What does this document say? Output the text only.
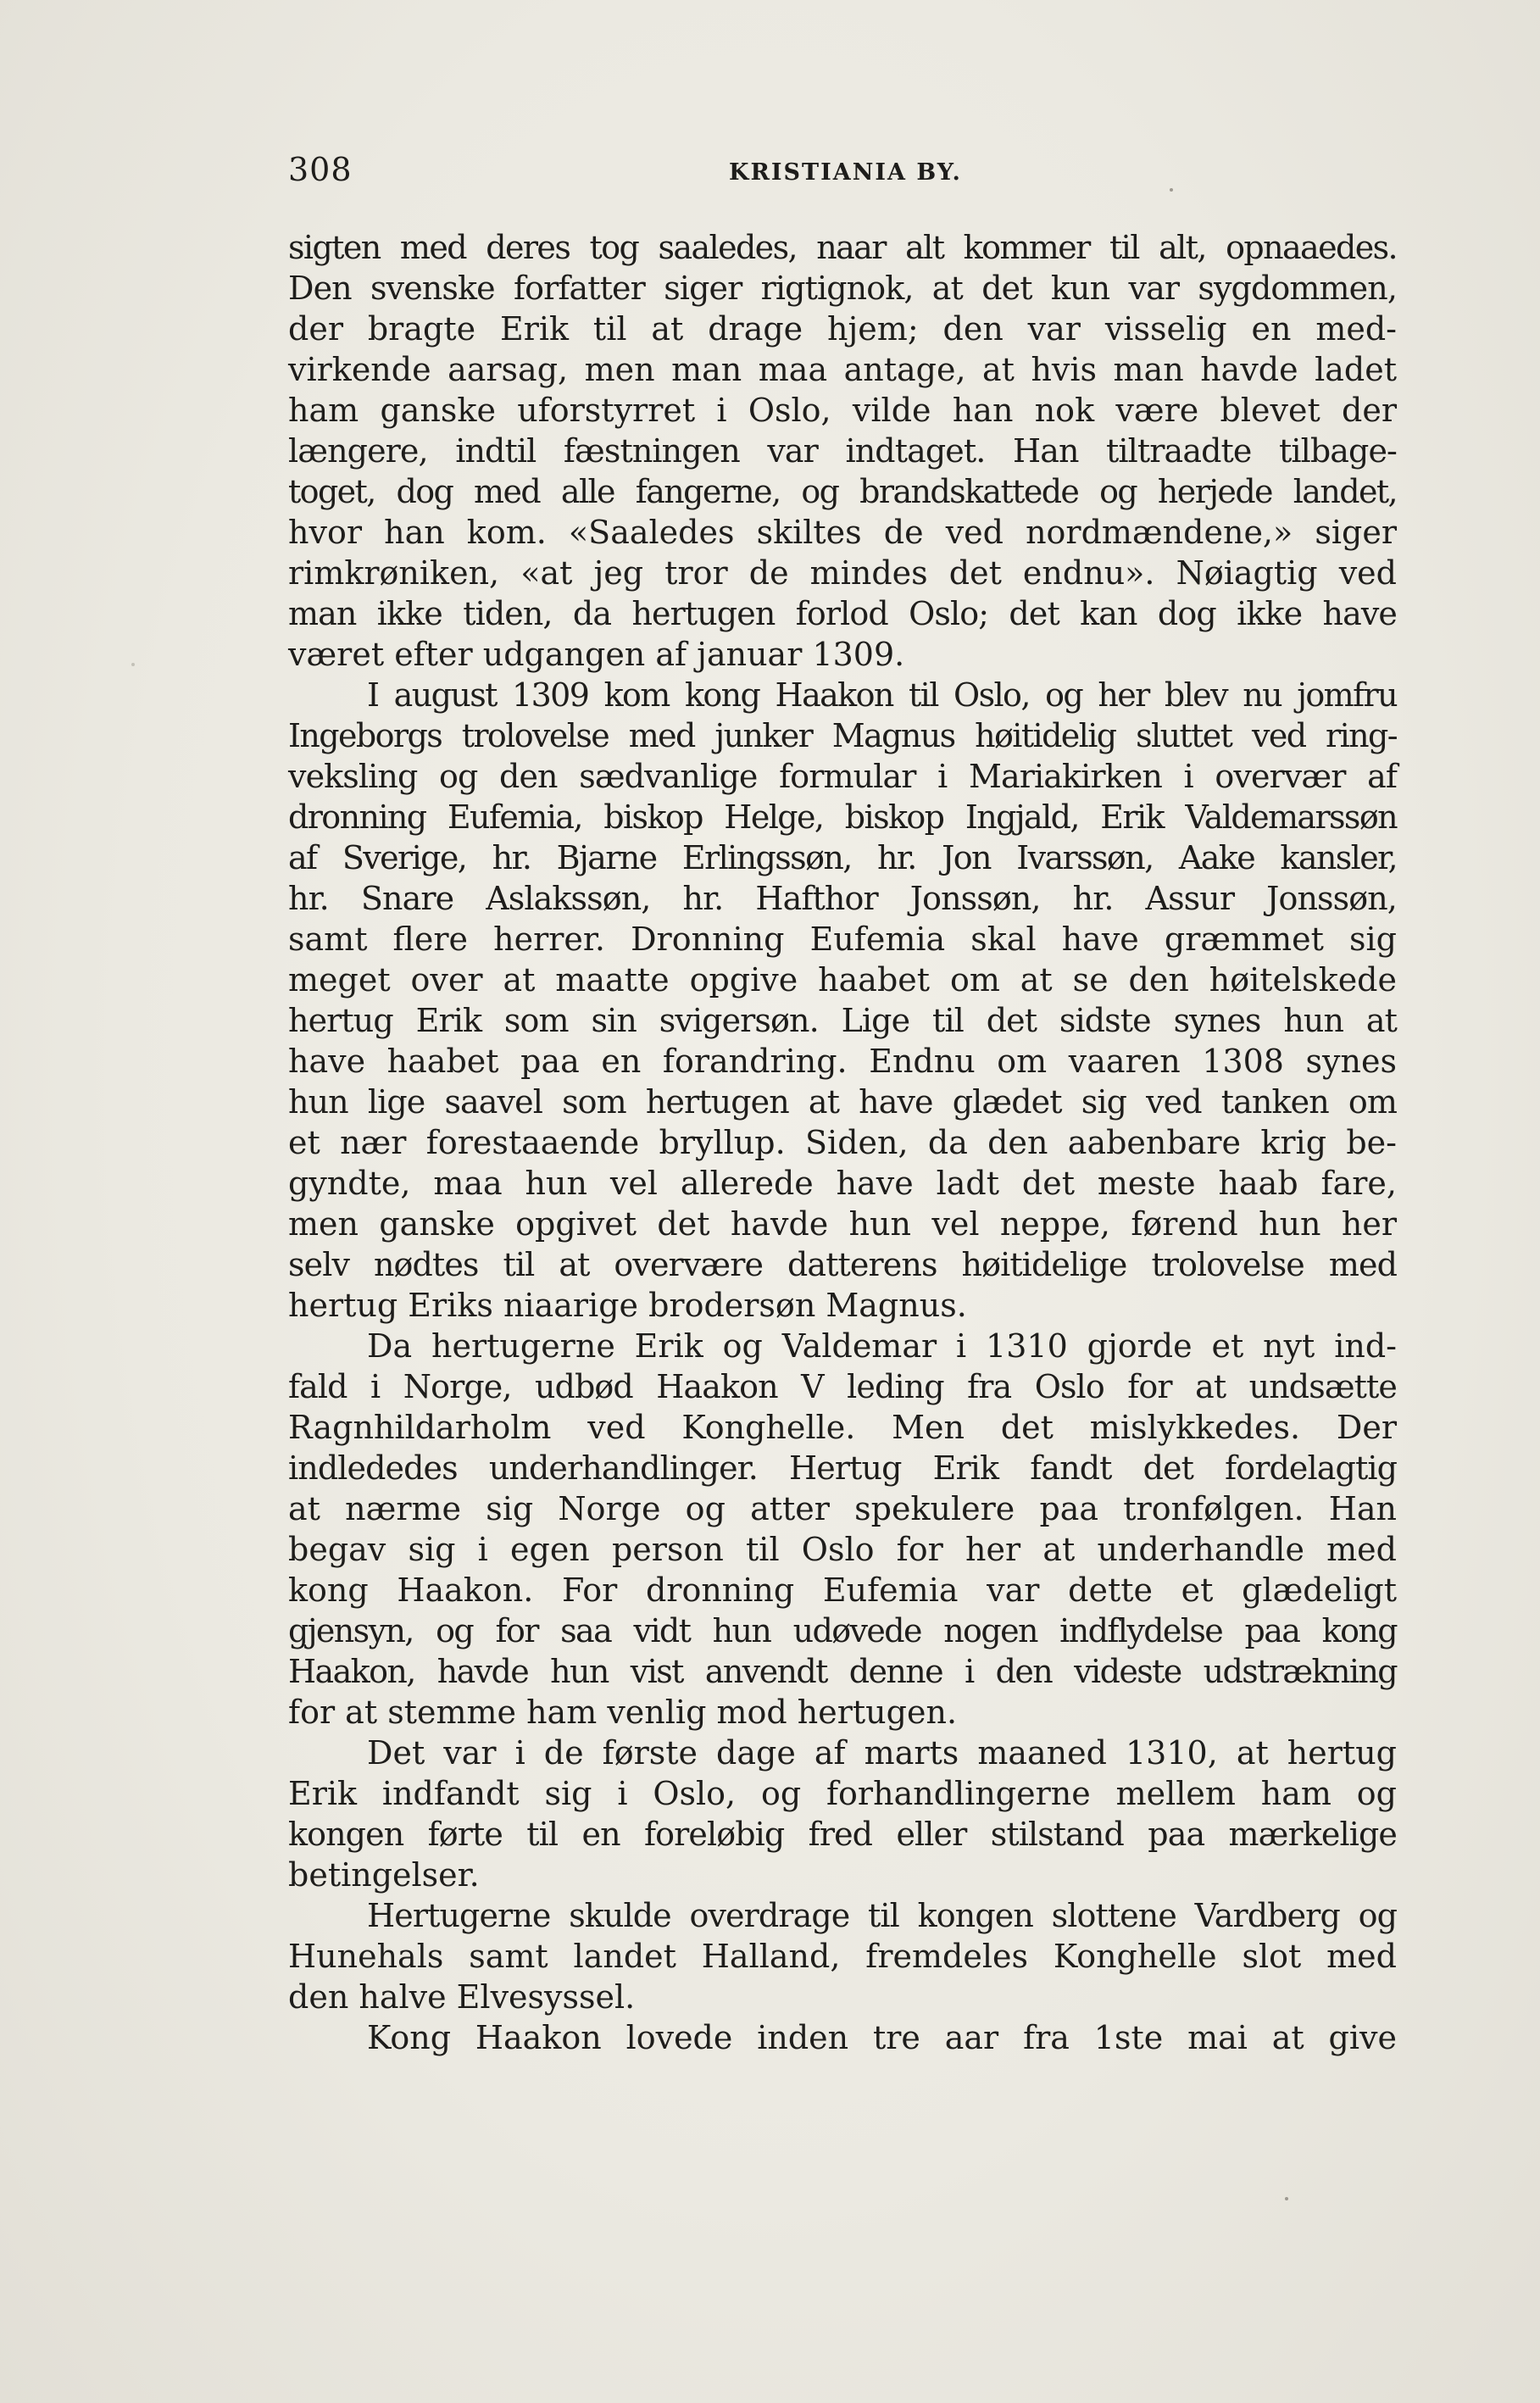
308	KRISTIANIA BY.
sigten med deres tog saaledes, naar alt kommer til alt, opnaaedes.
Den svenske forfatter siger rigtignok, at det kun var sygdommen,
der bragte Erik til at drage hjem; den var visselig en med-
virkende aarsag, men man maa antage, at hvis man havde ladet
ham ganske uforstyrret i Oslo, vilde han nok være blevet der
længere, indtil fæstningen var indtaget. Han tiltraadte tilbage-
toget, dog med alle fangerne, og brandskattede og herjede landet,
hvor han kom. «Saaledes skiltes de ved nordmændene,» siger
rimkrøniken, «at jeg tror de mindes det endnu». Nøiagtig ved
man ikke tiden, da hertugen forlod Oslo; det kan dog ikke have
været efter udgangen af januar 1309.
I august 1309 kom kong Haakon til Oslo, og her blev nu jomfru
Ingeborgs trolovelse med junker Magnus høitidelig sluttet ved ring-
veksling og den sædvanlige formular i Mariakirken i overvær af
dronning Eufemia, biskop Helge, biskop Ingjald, Erik Valdemarssøn
af Sverige, hr. Bjarne Erlingssøn, hr. Jon Ivarssøn, Aake kansler,
hr. Snare Aslakssøn, hr. Hafthor Jonssøn, hr. Assur Jonssøn,
samt flere herrer. Dronning Eufemia skal have græmmet sig
meget over at maatte opgive haabet om at se den høitelskede
hertug Erik som sin svigersøn. Lige til det sidste synes hun at
have haabet paa en forandring. Endnu om vaaren 1308 synes
hun lige saavel som hertugen at have glædet sig ved tanken om
et nær forestaaende bryllup. Siden, da den aabenbare krig be-
gyndte, maa hun vel allerede have ladt det meste haab fare,
men ganske opgivet det havde hun vel neppe, førend hun her
selv nødtes til at overvære datterens høitidelige trolovelse med
hertug Eriks niaarige brodersøn Magnus.
Da hertugerne Erik og Valdemar i 1310 gjorde et nyt ind-
fald i Norge, udbød Haakon V leding fra Oslo for at undsætte
Ragnhildarholm ved Konghelle. Men det mislykkedes. Der
indlededes underhandlinger. Hertug Erik fandt det fordelagtig
at nærme sig Norge og atter spekulere paa tronfølgen. Han
begav sig i egen person til Oslo for her at underhandle med
kong Haakon. For dronning Eufemia var dette et glædeligt
gjensyn, og for saa vidt hun udøvede nogen indflydelse paa kong
Haakon, havde hun vist anvendt denne i den videste udstrækning
for at stemme ham venlig mod hertugen.
Det var i de første dage af marts maaned 1310, at hertug
Erik indfandt sig i Oslo, og forhandlingerne mellem ham og
kongen førte til en foreløbig fred eller stilstand paa mærkelige
betingelser.
Hertugerne skulde overdrage til kongen slottene Vardberg og
Hunehals samt landet Halland, fremdeles Konghelle slot med
den halve Elvesyssel.
Kong Haakon lovede inden tre aar fra 1ste mai at give
